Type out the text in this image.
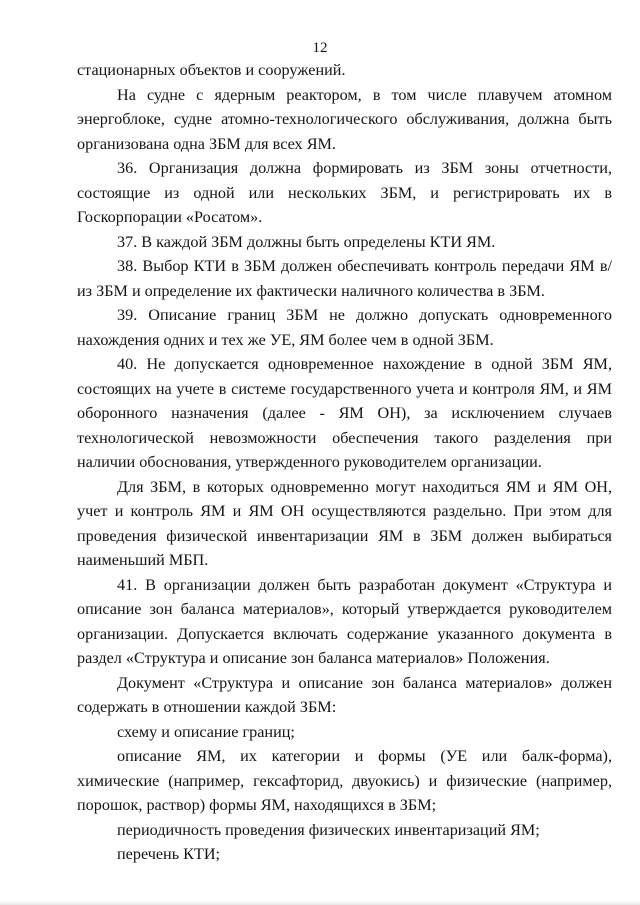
12

стационарных объектов и сооружений.

На судне с ядерным реактором, в том числе плавучем атомном энергоблоке, судне атомно-технологического обслуживания, должна быть организована одна ЗБМ для всех ЯМ.

36. Организация должна формировать из ЗБМ зоны отчетности, состоящие из одной или нескольких ЗБМ, и регистрировать их в Госкорпорации «Росатом».

37. В каждой ЗБМ должны быть определены КТИ ЯМ.

38. Выбор КТИ в ЗБМ должен обеспечивать контроль передачи ЯМ в/из ЗБМ и определение их фактически наличного количества в ЗБМ.

39. Описание границ ЗБМ не должно допускать одновременного нахождения одних и тех же УЕ, ЯМ более чем в одной ЗБМ.

40. Не допускается одновременное нахождение в одной ЗБМ ЯМ, состоящих на учете в системе государственного учета и контроля ЯМ, и ЯМ оборонного назначения (далее - ЯМ ОН), за исключением случаев технологической невозможности обеспечения такого разделения при наличии обоснования, утвержденного руководителем организации.

Для ЗБМ, в которых одновременно могут находиться ЯМ и ЯМ ОН, учет и контроль ЯМ и ЯМ ОН осуществляются раздельно. При этом для проведения физической инвентаризации ЯМ в ЗБМ должен выбираться наименьший МБП.

41. В организации должен быть разработан документ «Структура и описание зон баланса материалов», который утверждается руководителем организации. Допускается включать содержание указанного документа в раздел «Структура и описание зон баланса материалов» Положения.

Документ «Структура и описание зон баланса материалов» должен содержать в отношении каждой ЗБМ:

схему и описание границ;

описание ЯМ, их категории и формы (УЕ или балк-форма), химические (например, гексафторид, двуокись) и физические (например, порошок, раствор) формы ЯМ, находящихся в ЗБМ;

периодичность проведения физических инвентаризаций ЯМ;

перечень КТИ;
